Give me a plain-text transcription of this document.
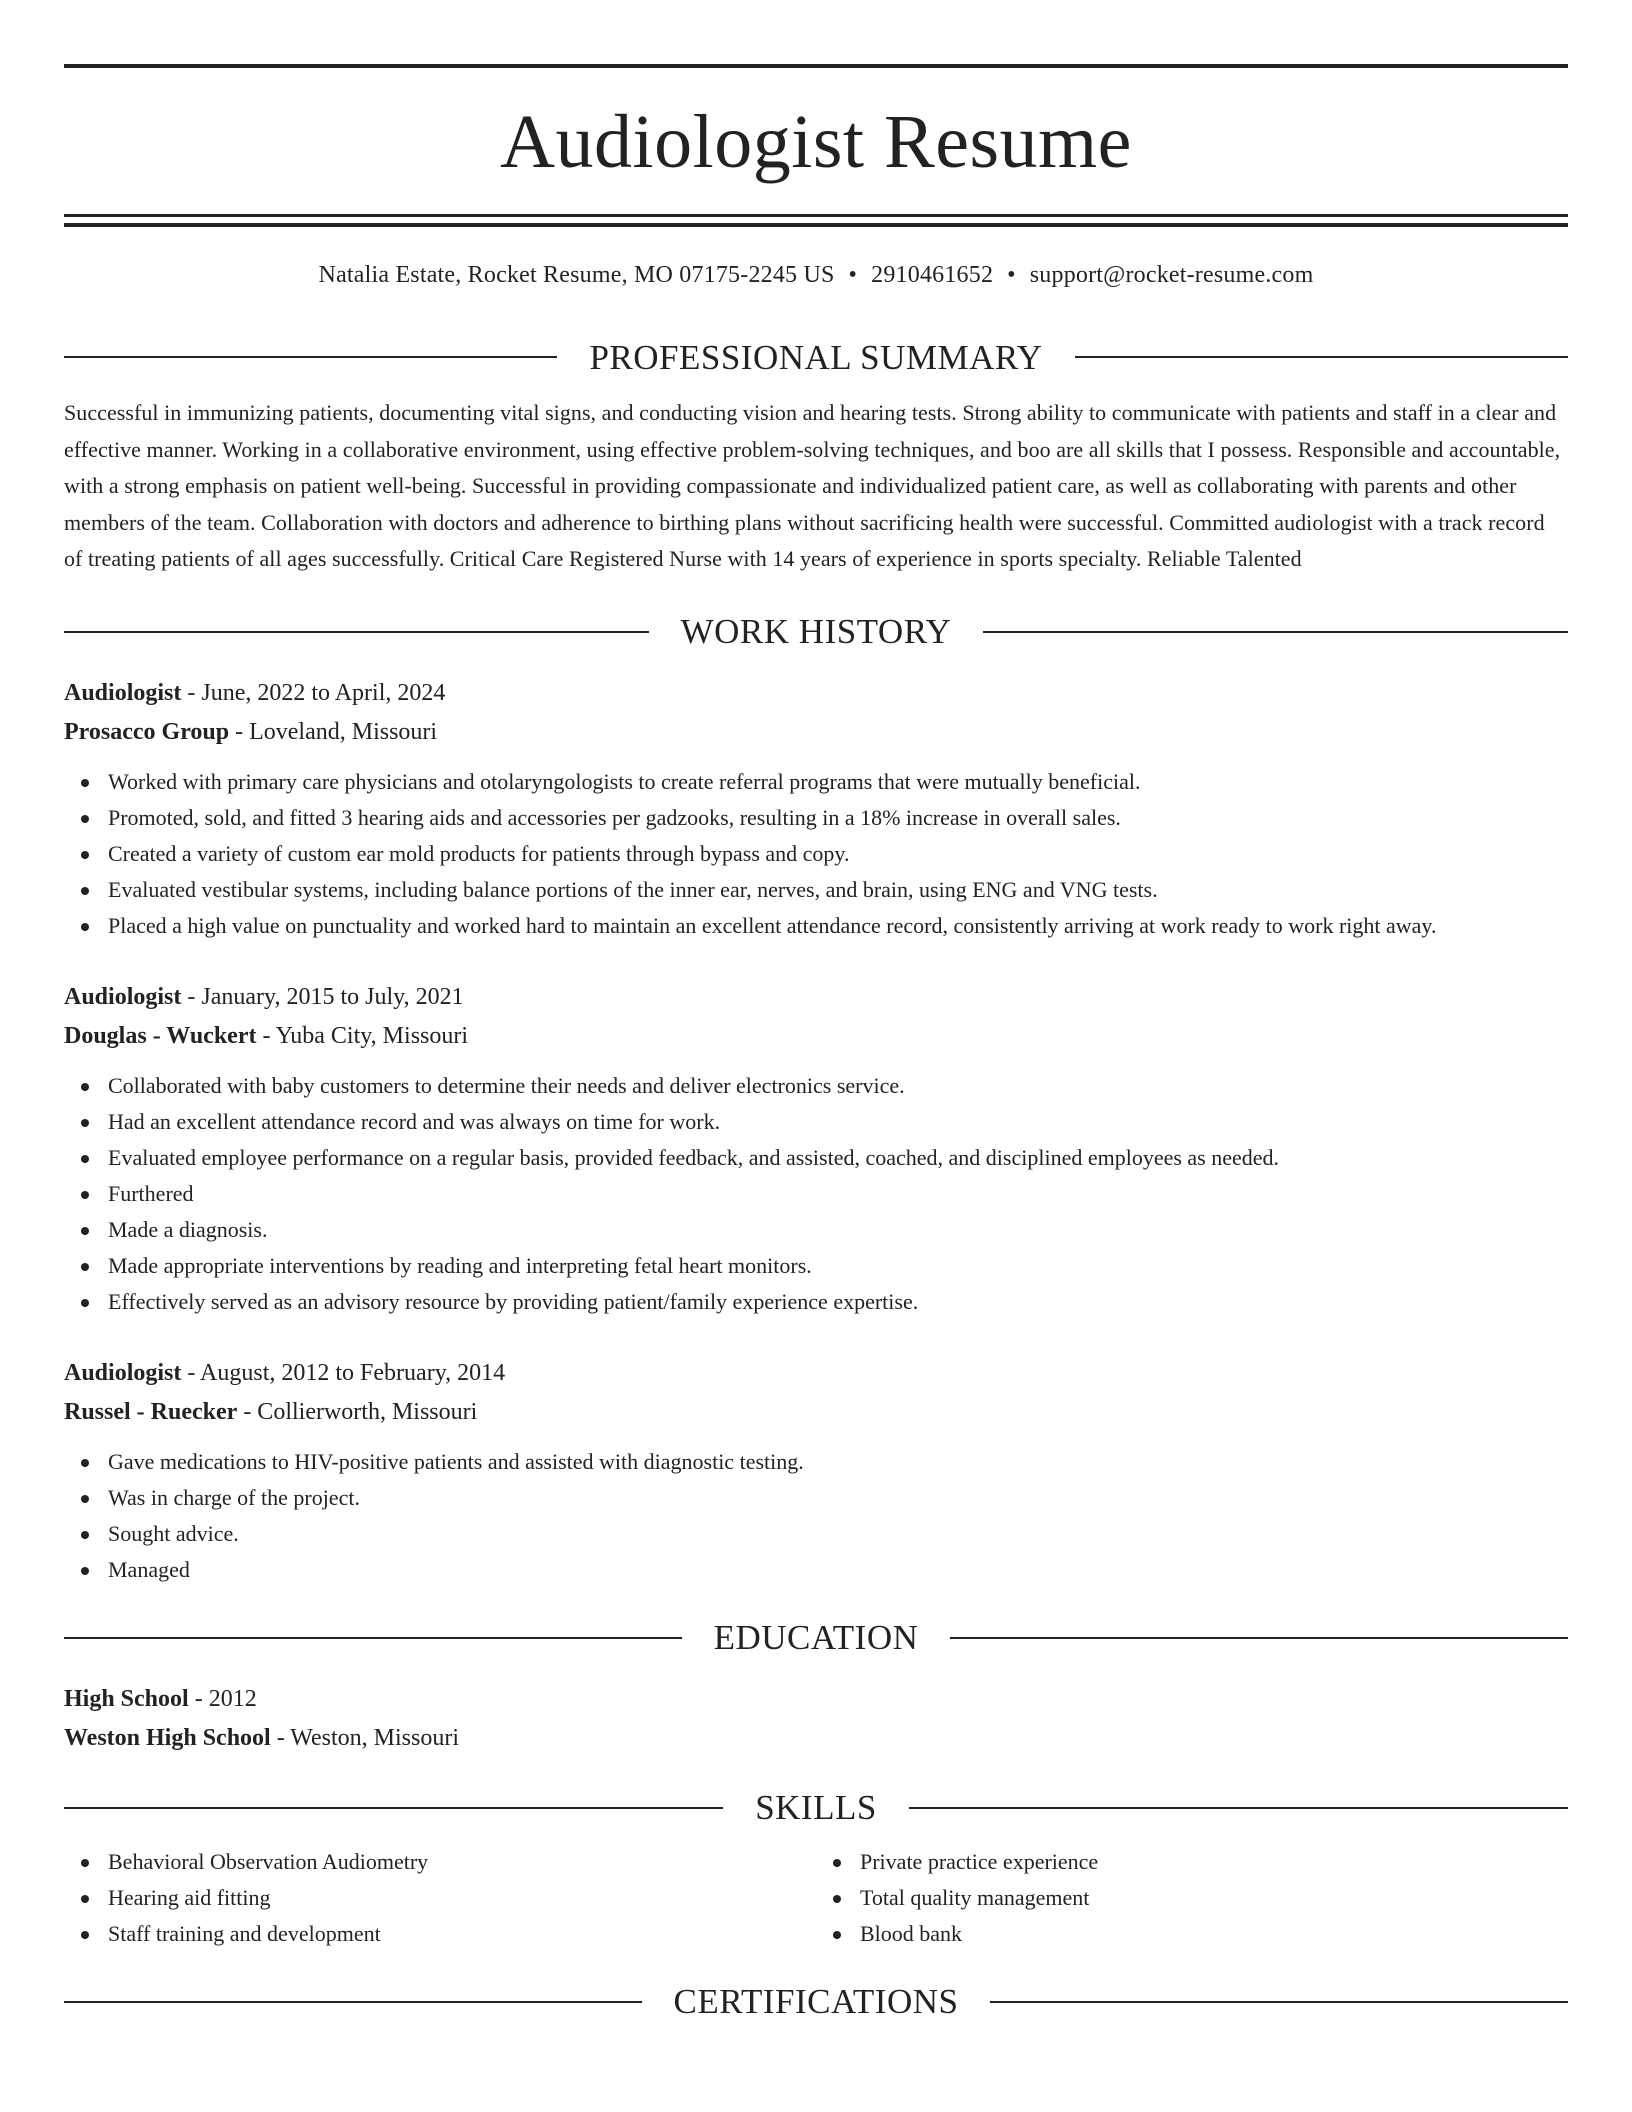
Audiologist Resume
Natalia Estate, Rocket Resume, MO 07175-2245 US • 2910461652 • support@rocket-resume.com
PROFESSIONAL SUMMARY
Successful in immunizing patients, documenting vital signs, and conducting vision and hearing tests. Strong ability to communicate with patients and staff in a clear and effective manner. Working in a collaborative environment, using effective problem-solving techniques, and boo are all skills that I possess. Responsible and accountable, with a strong emphasis on patient well-being. Successful in providing compassionate and individualized patient care, as well as collaborating with parents and other members of the team. Collaboration with doctors and adherence to birthing plans without sacrificing health were successful. Committed audiologist with a track record of treating patients of all ages successfully. Critical Care Registered Nurse with 14 years of experience in sports specialty. Reliable Talented
WORK HISTORY
Audiologist - June, 2022 to April, 2024
Prosacco Group - Loveland, Missouri
Worked with primary care physicians and otolaryngologists to create referral programs that were mutually beneficial.
Promoted, sold, and fitted 3 hearing aids and accessories per gadzooks, resulting in a 18% increase in overall sales.
Created a variety of custom ear mold products for patients through bypass and copy.
Evaluated vestibular systems, including balance portions of the inner ear, nerves, and brain, using ENG and VNG tests.
Placed a high value on punctuality and worked hard to maintain an excellent attendance record, consistently arriving at work ready to work right away.
Audiologist - January, 2015 to July, 2021
Douglas - Wuckert - Yuba City, Missouri
Collaborated with baby customers to determine their needs and deliver electronics service.
Had an excellent attendance record and was always on time for work.
Evaluated employee performance on a regular basis, provided feedback, and assisted, coached, and disciplined employees as needed.
Furthered
Made a diagnosis.
Made appropriate interventions by reading and interpreting fetal heart monitors.
Effectively served as an advisory resource by providing patient/family experience expertise.
Audiologist - August, 2012 to February, 2014
Russel - Ruecker - Collierworth, Missouri
Gave medications to HIV-positive patients and assisted with diagnostic testing.
Was in charge of the project.
Sought advice.
Managed
EDUCATION
High School - 2012
Weston High School - Weston, Missouri
SKILLS
Behavioral Observation Audiometry
Hearing aid fitting
Staff training and development
Private practice experience
Total quality management
Blood bank
CERTIFICATIONS
